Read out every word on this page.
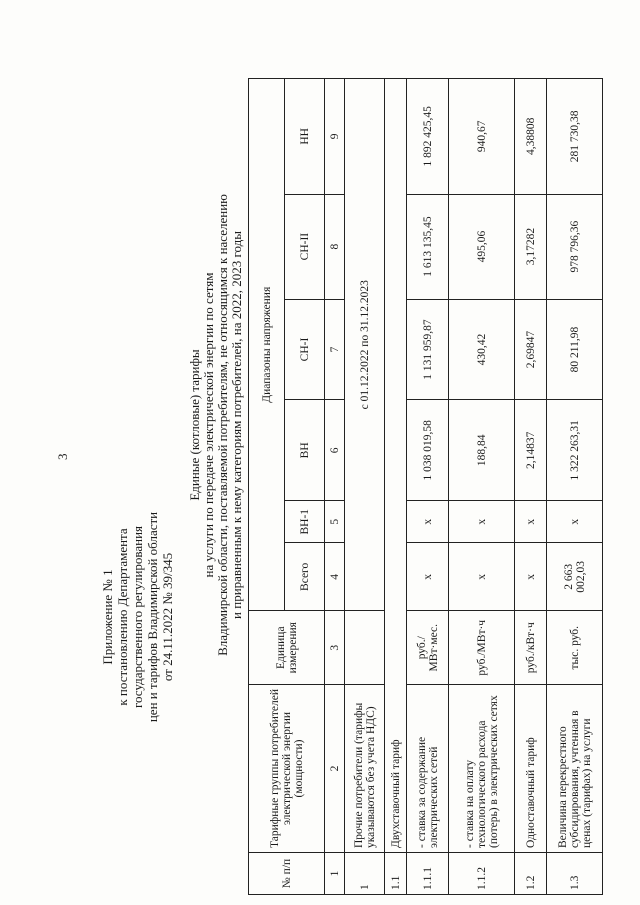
3
Приложение № 1 к постановлению Департамента государственного регулирования цен и тарифов Владимирской области от 24.11.2022 № 39/345
Единые (котловые) тарифы на услуги по передаче электрической энергии по сетям Владимирской области, поставляемой потребителям, не относящимся к населению и приравненным к нему категориям потребителей, на 2022, 2023 годы
№ п/п	Тарифные группы потребителей электрической энергии (мощности)	Единица измерения	Диапазоны напряжения					
			Всего	ВН-1	ВН	СН-I	СН-II	НН
1	2	3	4	5	6	7	8	9
1	Прочие потребители (тарифы указываются без учета НДС)		с 01.12.2022 по 31.12.2023					
1.1	Двухставочный тариф							
1.1.1	- ставка за содержание электрических сетей	руб./ МВт·мес.	x	x	1 038 019,58	1 131 959,87	1 613 135,45	1 892 425,45
1.1.2	- ставка на оплату технологического расхода (потерь) в электрических сетях	руб./МВт·ч	x	x	188,84	430,42	495,06	940,67
1.2	Одноставочный тариф	руб./кВт·ч	x	x	2,14837	2,69847	3,17282	4,38808
1.3	Величина перекрестного субсидирования, учтенная в ценах (тарифах) на услуги	тыс. руб.	2 663 002,03	x	1 322 263,31	80 211,98	978 796,36	281 730,38
